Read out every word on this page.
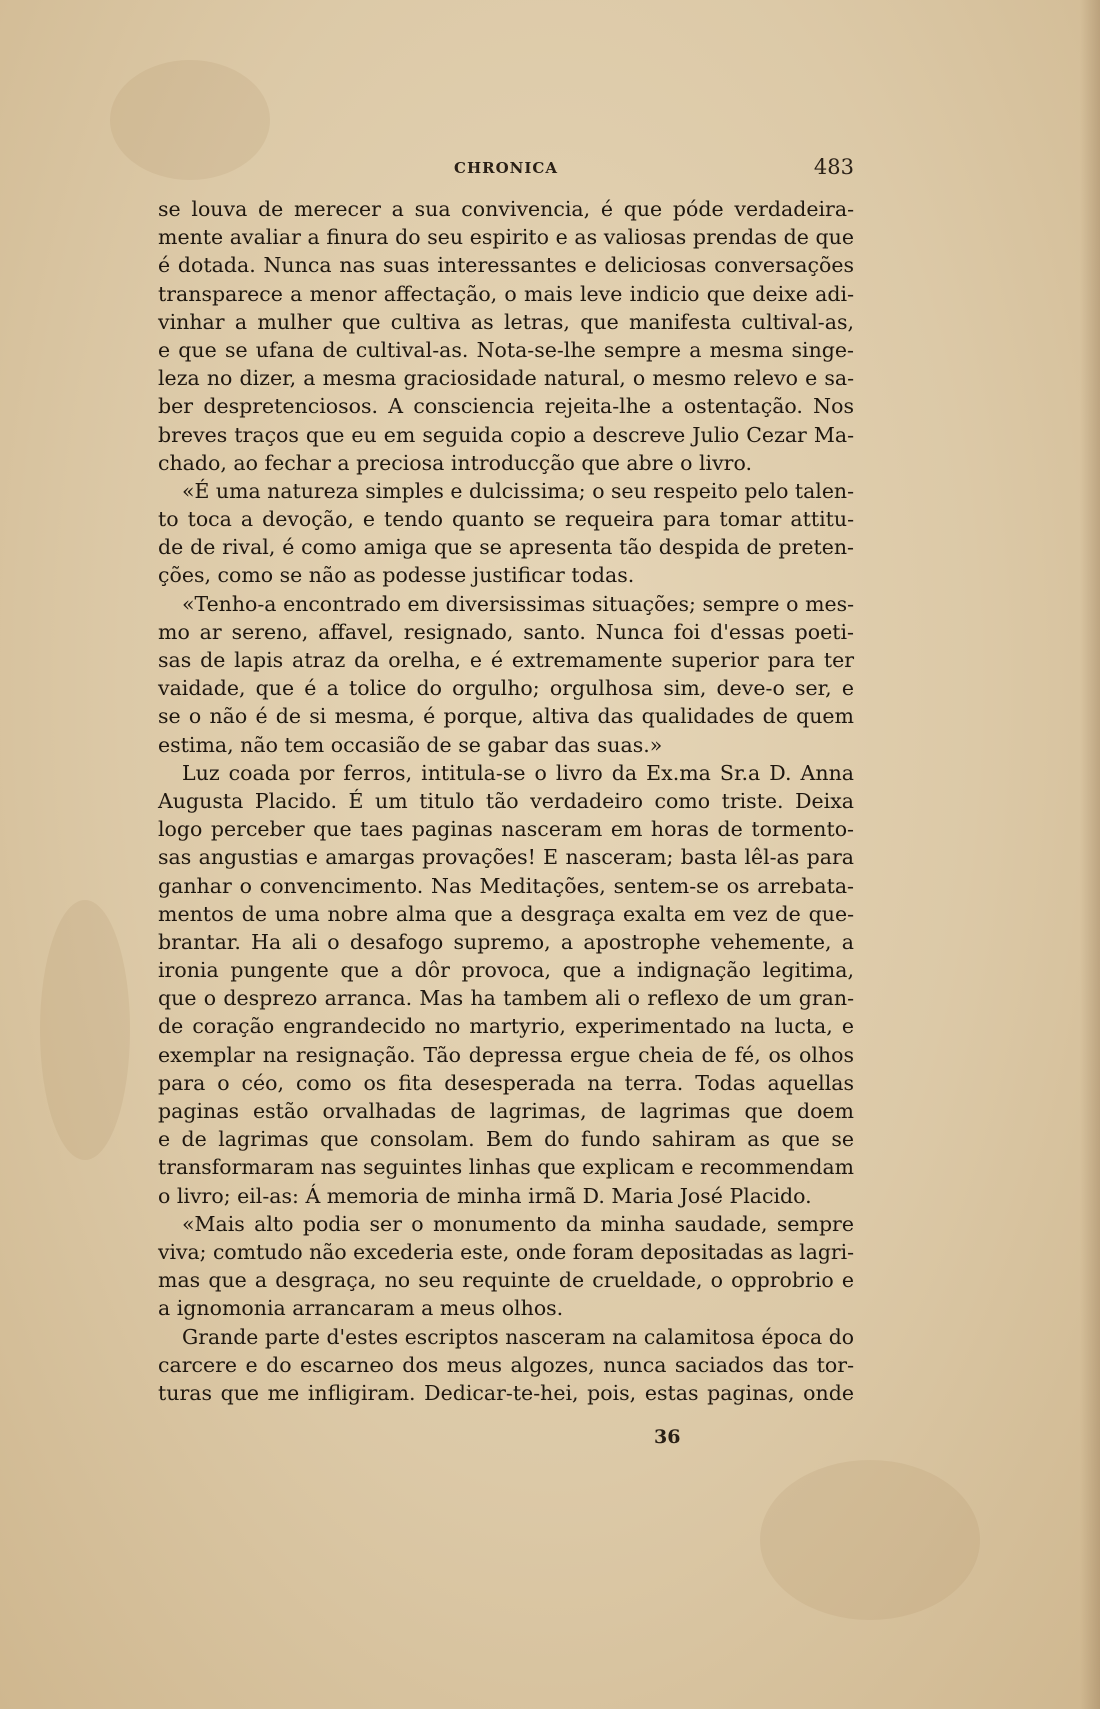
CHRONICA	483
se louva de merecer a sua convivencia, é que póde verdadeira-
mente avaliar a finura do seu espirito e as valiosas prendas de que
é dotada. Nunca nas suas interessantes e deliciosas conversações
transparece a menor affectação, o mais leve indicio que deixe adi-
vinhar a mulher que cultiva as letras, que manifesta cultival-as,
e que se ufana de cultival-as. Nota-se-lhe sempre a mesma singe-
leza no dizer, a mesma graciosidade natural, o mesmo relevo e sa-
ber despretenciosos. A consciencia rejeita-lhe a ostentação. Nos
breves traços que eu em seguida copio a descreve Julio Cezar Ma-
chado, ao fechar a preciosa introducção que abre o livro.
«É uma natureza simples e dulcissima; o seu respeito pelo talen-
to toca a devoção, e tendo quanto se requeira para tomar attitu-
de de rival, é como amiga que se apresenta tão despida de preten-
ções, como se não as podesse justificar todas.
«Tenho-a encontrado em diversissimas situações; sempre o mes-
mo ar sereno, affavel, resignado, santo. Nunca foi d'essas poeti-
sas de lapis atraz da orelha, e é extremamente superior para ter
vaidade, que é a tolice do orgulho; orgulhosa sim, deve-o ser, e
se o não é de si mesma, é porque, altiva das qualidades de quem
estima, não tem occasião de se gabar das suas.»
Luz coada por ferros, intitula-se o livro da Ex.ma Sr.a D. Anna
Augusta Placido. É um titulo tão verdadeiro como triste. Deixa
logo perceber que taes paginas nasceram em horas de tormento-
sas angustias e amargas provações! E nasceram; basta lêl-as para
ganhar o convencimento. Nas Meditações, sentem-se os arrebata-
mentos de uma nobre alma que a desgraça exalta em vez de que-
brantar. Ha ali o desafogo supremo, a apostrophe vehemente, a
ironia pungente que a dôr provoca, que a indignação legitima,
que o desprezo arranca. Mas ha tambem ali o reflexo de um gran-
de coração engrandecido no martyrio, experimentado na lucta, e
exemplar na resignação. Tão depressa ergue cheia de fé, os olhos
para o céo, como os fita desesperada na terra. Todas aquellas
paginas estão orvalhadas de lagrimas, de lagrimas que doem
e de lagrimas que consolam. Bem do fundo sahiram as que se
transformaram nas seguintes linhas que explicam e recommendam
o livro; eil-as: Á memoria de minha irmã D. Maria José Placido.
«Mais alto podia ser o monumento da minha saudade, sempre
viva; comtudo não excederia este, onde foram depositadas as lagri-
mas que a desgraça, no seu requinte de crueldade, o opprobrio e
a ignomonia arrancaram a meus olhos.
Grande parte d'estes escriptos nasceram na calamitosa época do
carcere e do escarneo dos meus algozes, nunca saciados das tor-
turas que me infligiram. Dedicar-te-hei, pois, estas paginas, onde
36
